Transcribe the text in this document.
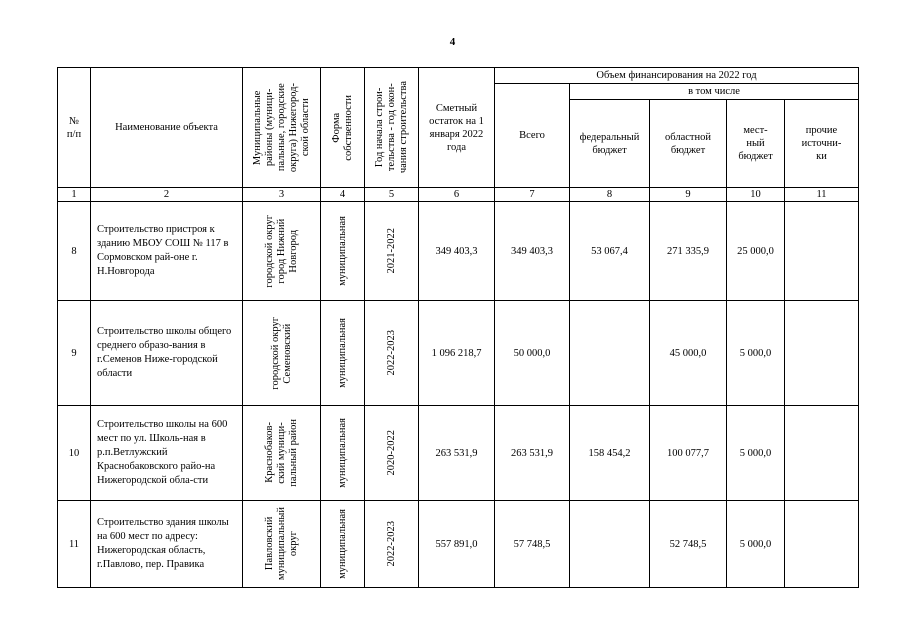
4
№
п/п	Наименование объекта	Муниципальные
районы (муници-
пальные, городские
округа) Нижегород-
ской области	Форма
собственности	Год начала строи-
тельства - год окон-
чания строительства	Сметный остаток на 1 января 2022 года	Объем финансирования на 2022 год				
						Всего	в том числе			
							федеральный бюджет	областной бюджет	мест-
ный
бюджет	прочие
источни-
ки
1	2	3	4	5	6	7	8	9	10	11
8	Строительство пристроя к зданию МБОУ СОШ № 117 в Сормовском рай-оне г. Н.Новгорода	городской округ
город Нижний
Новгород	муниципальная	2021-2022	349 403,3	349 403,3	53 067,4	271 335,9	25 000,0	
9	Строительство школы общего среднего образо-вания в г.Семенов Ниже-городской области	городской округ
Семеновский	муниципальная	2022-2023	1 096 218,7	50 000,0		45 000,0	5 000,0	
10	Строительство школы на 600 мест по ул. Школь-ная в р.п.Ветлужский Краснобаковского райо-на Нижегородской обла-сти	Краснобаков-
ский муници-
пальный район	муниципальная	2020-2022	263 531,9	263 531,9	158 454,2	100 077,7	5 000,0	
11	Строительство здания школы на 600 мест по адресу: Нижегородская область, г.Павлово, пер. Правика	Павловский
муниципальный
округ	муниципальная	2022-2023	557 891,0	57 748,5		52 748,5	5 000,0	
